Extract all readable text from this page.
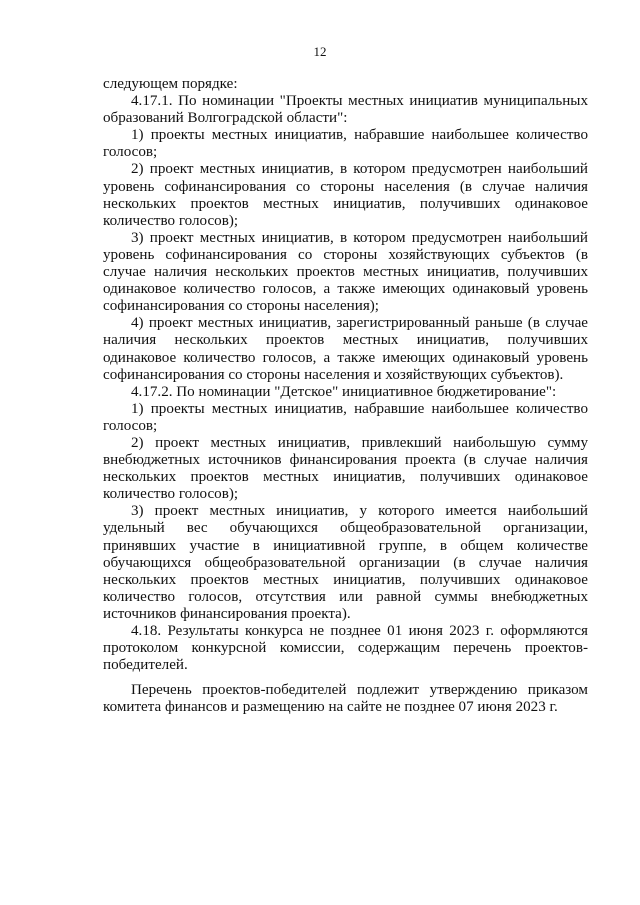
12

следующем порядке:

4.17.1. По номинации "Проекты местных инициатив муниципальных образований Волгоградской области":

1) проекты местных инициатив, набравшие наибольшее количество голосов;

2) проект местных инициатив, в котором предусмотрен наибольший уровень софинансирования со стороны населения (в случае наличия нескольких проектов местных инициатив, получивших одинаковое количество голосов);

3) проект местных инициатив, в котором предусмотрен наибольший уровень софинансирования со стороны хозяйствующих субъектов (в случае наличия нескольких проектов местных инициатив, получивших одинаковое количество голосов, а также имеющих одинаковый уровень софинансирования со стороны населения);

4) проект местных инициатив, зарегистрированный раньше (в случае наличия нескольких проектов местных инициатив, получивших одинаковое количество голосов, а также имеющих одинаковый уровень софинансирования со стороны населения и хозяйствующих субъектов).

4.17.2. По номинации "Детское" инициативное бюджетирование":

1) проекты местных инициатив, набравшие наибольшее количество голосов;

2) проект местных инициатив, привлекший наибольшую сумму внебюджетных источников финансирования проекта (в случае наличия нескольких проектов местных инициатив, получивших одинаковое количество голосов);

3) проект местных инициатив, у которого имеется наибольший удельный вес обучающихся общеобразовательной организации, принявших участие в инициативной группе, в общем количестве обучающихся общеобразовательной организации (в случае наличия нескольких проектов местных инициатив, получивших одинаковое количество голосов, отсутствия или равной суммы внебюджетных источников финансирования проекта).

4.18. Результаты конкурса не позднее 01 июня 2023 г. оформляются протоколом конкурсной комиссии, содержащим перечень проектов-победителей.

Перечень проектов-победителей подлежит утверждению приказом комитета финансов и размещению на сайте не позднее 07 июня 2023 г.
